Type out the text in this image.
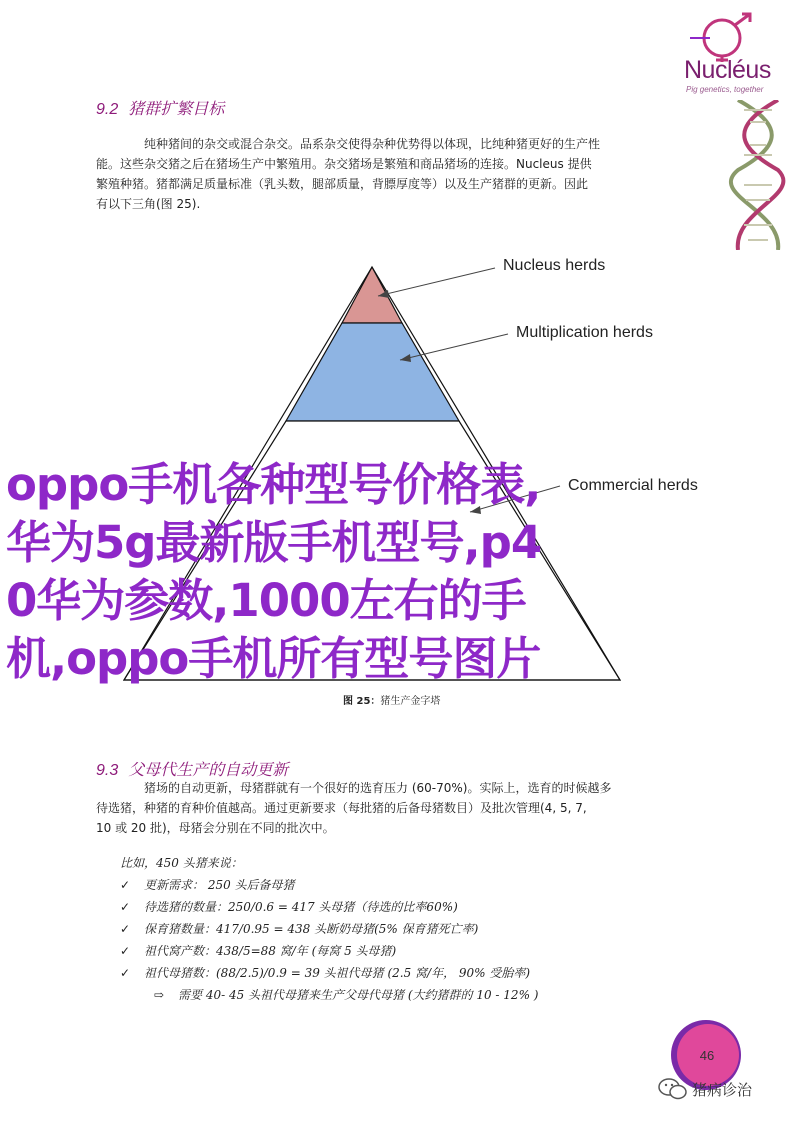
Nucléus
Pig genetics, together
9.2 猪群扩繁目标

纯种猪间的杂交或混合杂交。品系杂交使得杂种优势得以体现，比纯种猪更好的生产性

能。这些杂交猪之后在猪场生产中繁殖用。杂交猪场是繁殖和商品猪场的连接。Nucleus 提供

繁殖种猪。猪都满足质量标准（乳头数，腿部质量，背膘厚度等）以及生产猪群的更新。因此

有以下三角(图 25).

Nucleus herds
Multiplication herds
Commercial herds
oppo手机各种型号价格表,
华为5g最新版手机型号,p4
0华为参数,1000左右的手
机,oppo手机所有型号图片
图 25：猪生产金字塔
9.3 父母代生产的自动更新

猪场的自动更新，母猪群就有一个很好的选育压力 (60-70%)。实际上，选育的时候越多

待选猪，种猪的育种价值越高。通过更新要求（每批猪的后备母猪数目）及批次管理(4, 5, 7,

10 或 20 批)，母猪会分别在不同的批次中。

比如，450 头猪来说：
✓ 更新需求： 250 头后备母猪
✓ 待选猪的数量：250/0.6 = 417 头母猪（待选的比率60%)
✓ 保育猪数量：417/0.95 = 438 头断奶母猪(5% 保育猪死亡率)
✓ 祖代窝产数：438/5=88 窝/年 (每窝 5 头母猪)
✓ 祖代母猪数：(88/2.5)/0.9 = 39 头祖代母猪 (2.5 窝/年， 90% 受胎率)
⇨ 需要 40- 45 头祖代母猪来生产父母代母猪 (大约猪群的 10 - 12% )
46
猪病诊治
